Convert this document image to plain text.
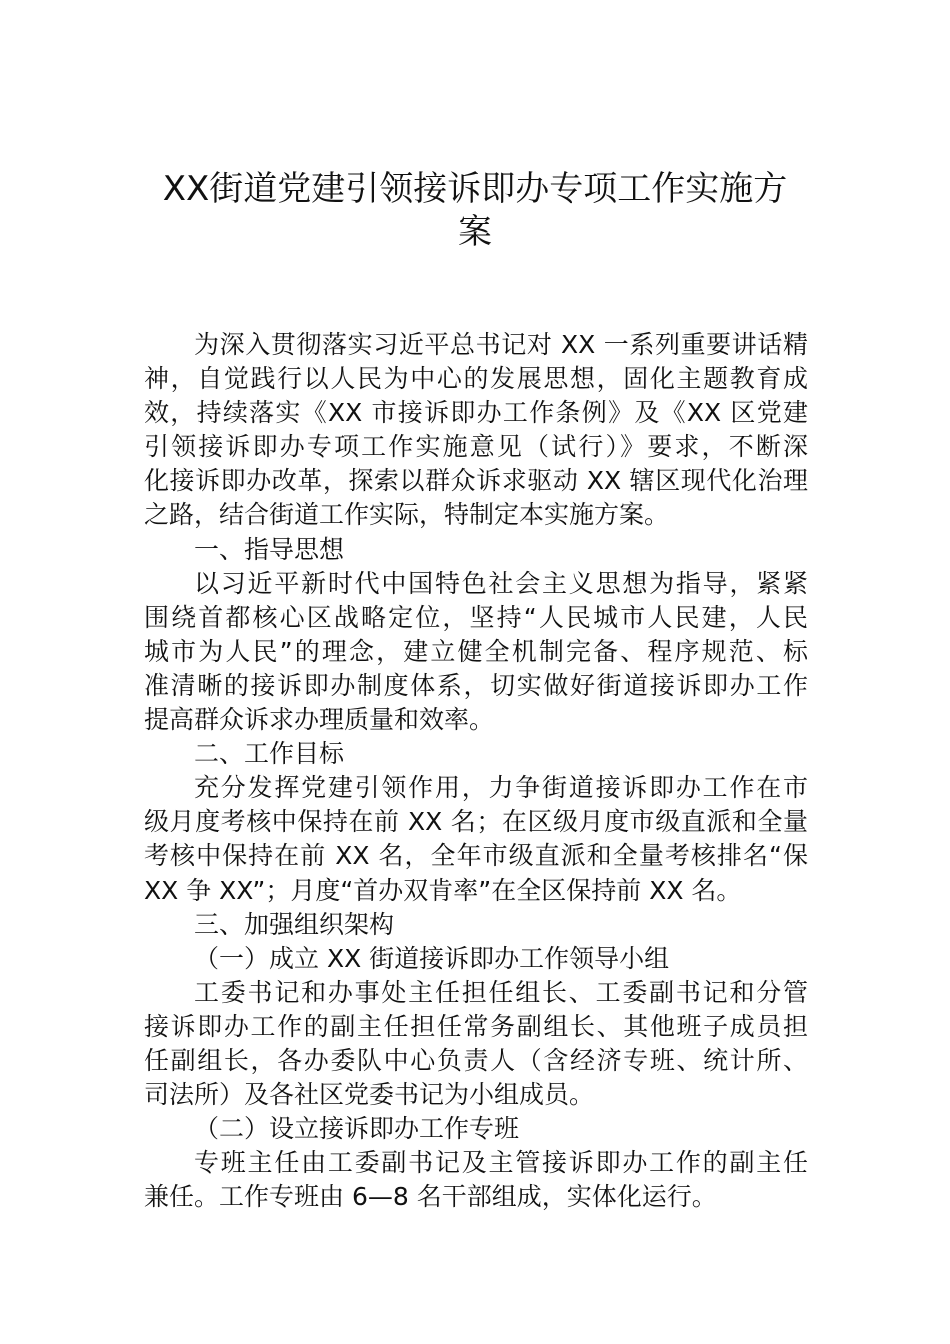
XX街道党建引领接诉即办专项工作实施方
案
为深入贯彻落实习近平总书记对 XX 一系列重要讲话精
神，自觉践行以人民为中心的发展思想，固化主题教育成
效，持续落实《XX 市接诉即办工作条例》及《XX 区党建
引领接诉即办专项工作实施意见（试行）》要求，不断深
化接诉即办改革，探索以群众诉求驱动 XX 辖区现代化治理
之路，结合街道工作实际，特制定本实施方案。
一、指导思想
以习近平新时代中国特色社会主义思想为指导，紧紧
围绕首都核心区战略定位，坚持“人民城市人民建，人民
城市为人民”的理念，建立健全机制完备、程序规范、标
准清晰的接诉即办制度体系，切实做好街道接诉即办工作
提高群众诉求办理质量和效率。
二、工作目标
充分发挥党建引领作用，力争街道接诉即办工作在市
级月度考核中保持在前 XX 名；在区级月度市级直派和全量
考核中保持在前 XX 名，全年市级直派和全量考核排名“保
XX 争 XX”；月度“首办双肯率”在全区保持前 XX 名。
三、加强组织架构
（一）成立 XX 街道接诉即办工作领导小组
工委书记和办事处主任担任组长、工委副书记和分管
接诉即办工作的副主任担任常务副组长、其他班子成员担
任副组长，各办委队中心负责人（含经济专班、统计所、
司法所）及各社区党委书记为小组成员。
（二）设立接诉即办工作专班
专班主任由工委副书记及主管接诉即办工作的副主任
兼任。工作专班由 6—8 名干部组成，实体化运行。
